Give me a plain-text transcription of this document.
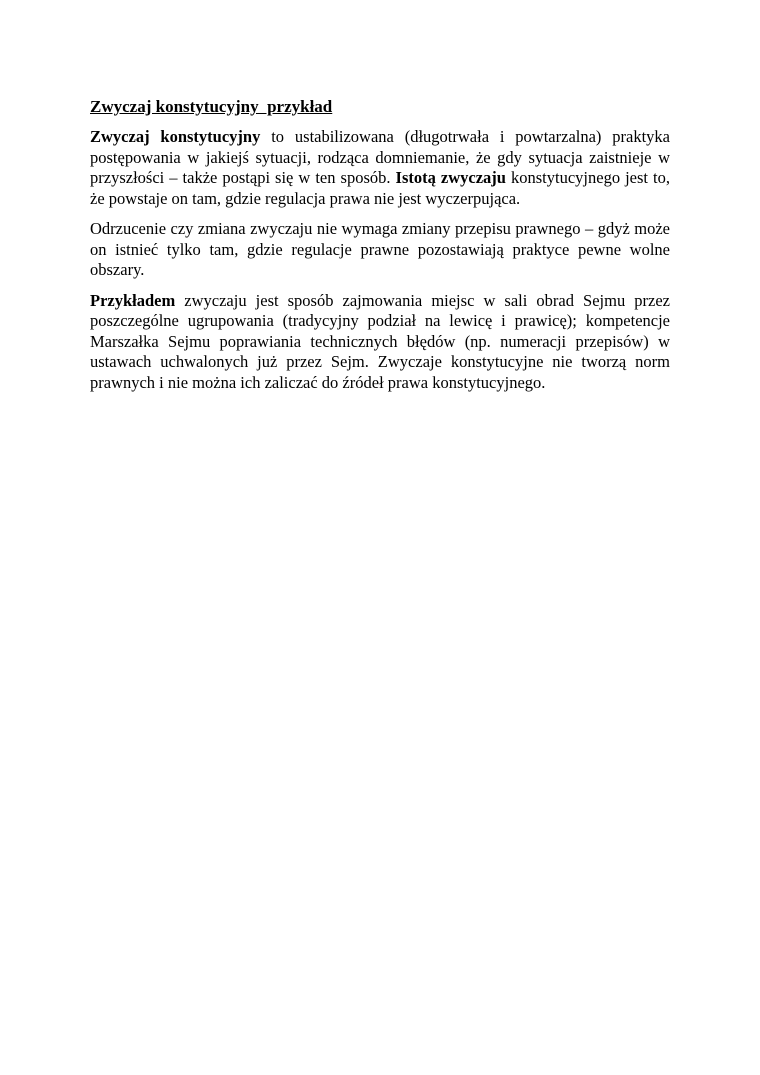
Zwyczaj konstytucyjny  przykład

Zwyczaj konstytucyjny to ustabilizowana (długotrwała i powtarzalna) praktyka postępowania w jakiejś sytuacji, rodząca domniemanie, że gdy sytuacja zaistnieje w przyszłości – także postąpi się w ten sposób. Istotą zwyczaju konstytucyjnego jest to, że powstaje on tam, gdzie regulacja prawa nie jest wyczerpująca.

Odrzucenie czy zmiana zwyczaju nie wymaga zmiany przepisu prawnego – gdyż może on istnieć tylko tam, gdzie regulacje prawne pozostawiają praktyce pewne wolne obszary.

Przykładem zwyczaju jest sposób zajmowania miejsc w sali obrad Sejmu przez poszczególne ugrupowania (tradycyjny podział na lewicę i prawicę); kompetencje Marszałka Sejmu poprawiania technicznych błędów (np. numeracji przepisów) w ustawach uchwalonych już przez Sejm. Zwyczaje konstytucyjne nie tworzą norm prawnych i nie można ich zaliczać do źródeł prawa konstytucyjnego.
